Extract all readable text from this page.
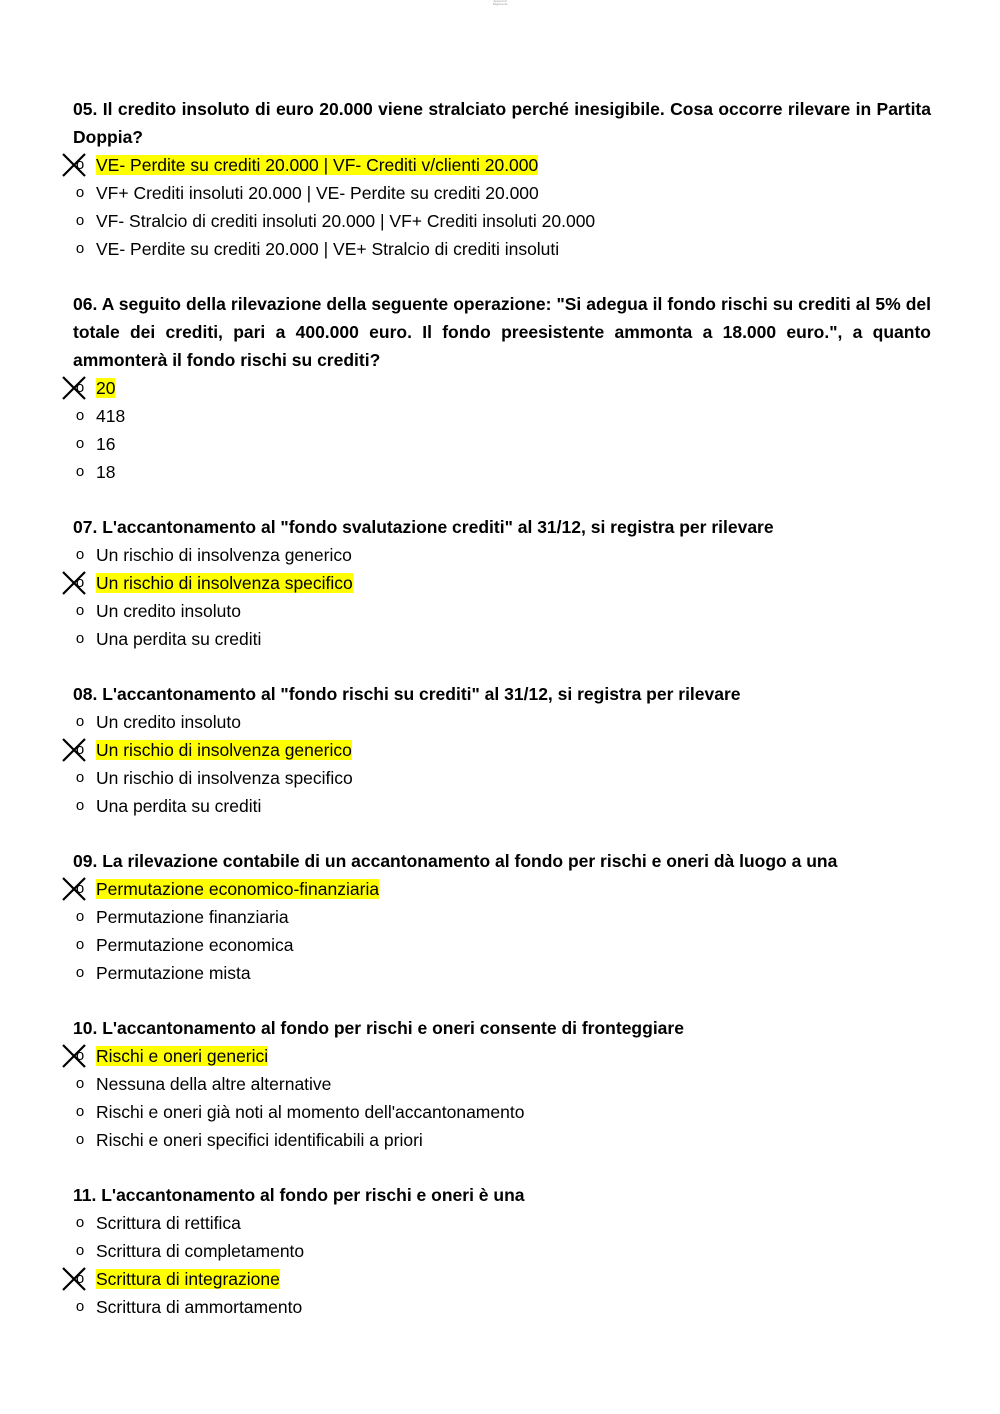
Appunti di Ragioneria

05. Il credito insoluto di euro 20.000 viene stralciato perché inesigibile. Cosa occorre rilevare in Partita Doppia?

o VE- Perdite su crediti 20.000 | VF- Crediti v/clienti 20.000
o VF+ Crediti insoluti 20.000 | VE- Perdite su crediti 20.000
o VF- Stralcio di crediti insoluti 20.000 | VF+ Crediti insoluti 20.000
o VE- Perdite su crediti 20.000 | VE+ Stralcio di crediti insoluti

06. A seguito della rilevazione della seguente operazione: "Si adegua il fondo rischi su crediti al 5% del totale dei crediti, pari a 400.000 euro. Il fondo preesistente ammonta a 18.000 euro.", a quanto ammonterà il fondo rischi su crediti?

o 20
o 418
o 16
o 18

07. L'accantonamento al "fondo svalutazione crediti" al 31/12, si registra per rilevare

o Un rischio di insolvenza generico
o Un rischio di insolvenza specifico
o Un credito insoluto
o Una perdita su crediti

08. L'accantonamento al "fondo rischi su crediti" al 31/12, si registra per rilevare

o Un credito insoluto
o Un rischio di insolvenza generico
o Un rischio di insolvenza specifico
o Una perdita su crediti

09. La rilevazione contabile di un accantonamento al fondo per rischi e oneri dà luogo a una

o Permutazione economico-finanziaria
o Permutazione finanziaria
o Permutazione economica
o Permutazione mista

10. L'accantonamento al fondo per rischi e oneri consente di fronteggiare

o Rischi e oneri generici
o Nessuna della altre alternative
o Rischi e oneri già noti al momento dell'accantonamento
o Rischi e oneri specifici identificabili a priori

11. L'accantonamento al fondo per rischi e oneri è una

o Scrittura di rettifica
o Scrittura di completamento
o Scrittura di integrazione
o Scrittura di ammortamento
